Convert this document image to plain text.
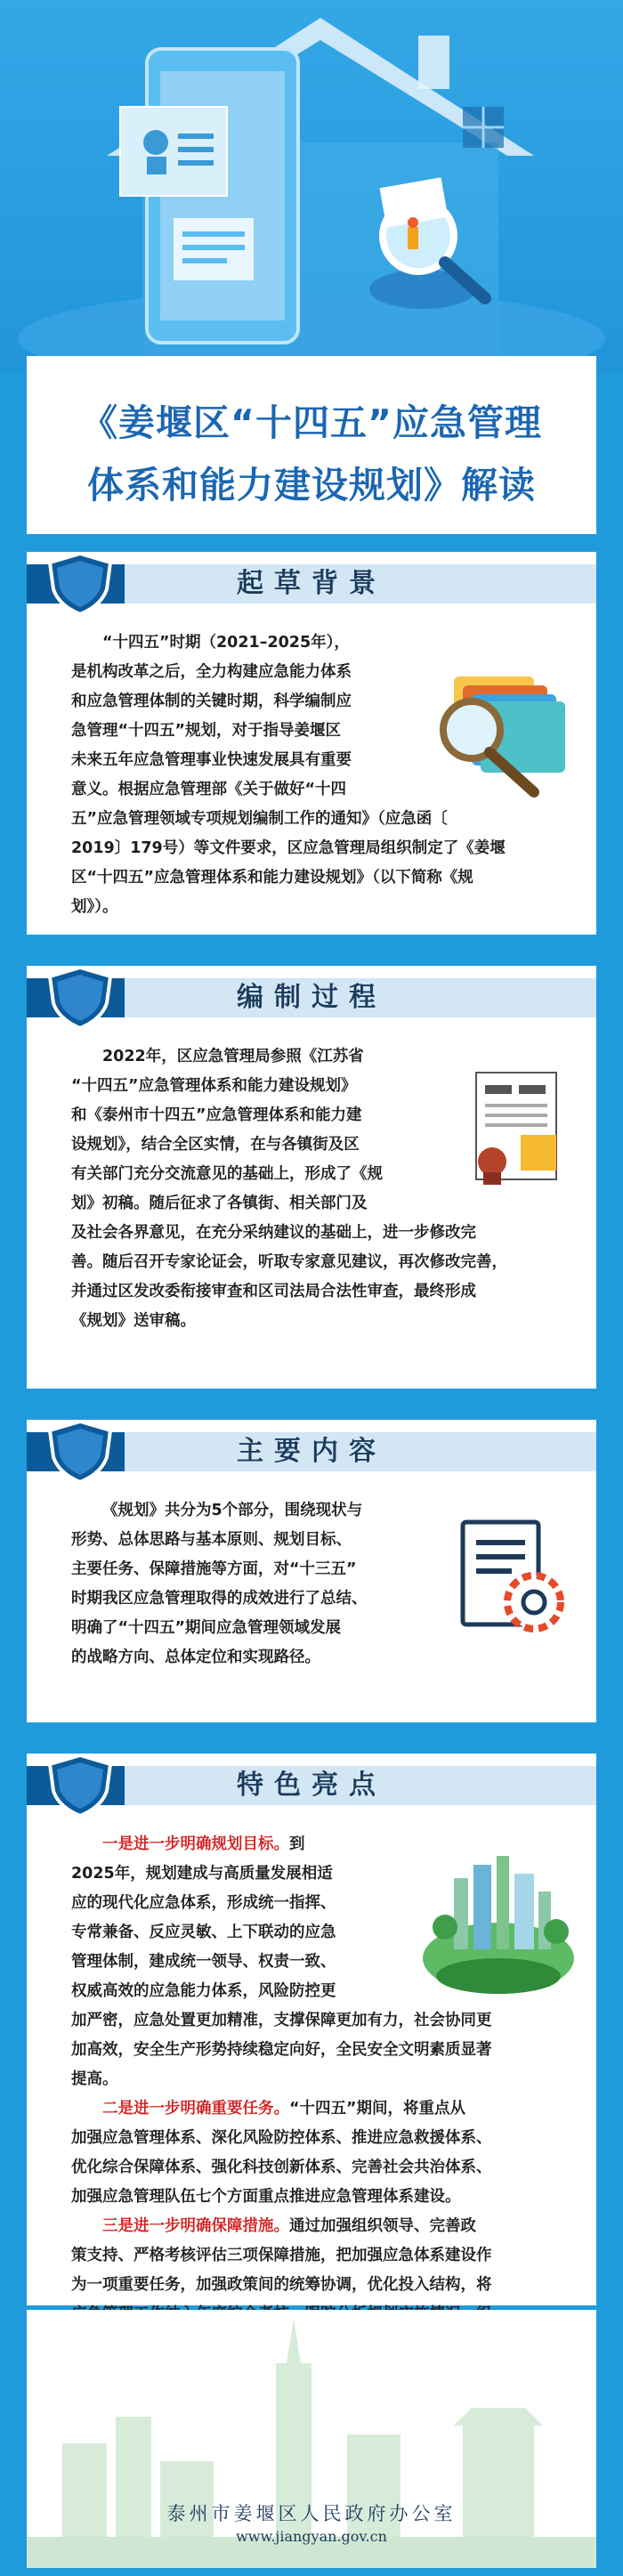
《姜堰区“十四五”应急管理
体系和能力建设规划》解读
起草背景
“十四五”时期（2021–2025年），
是机构改革之后，全力构建应急能力体系
和应急管理体制的关键时期，科学编制应
急管理“十四五”规划，对于指导姜堰区
未来五年应急管理事业快速发展具有重要
意义。根据应急管理部《关于做好“十四
五”应急管理领域专项规划编制工作的通知》（应急函〔
2019〕179号）等文件要求，区应急管理局组织制定了《姜堰
区“十四五”应急管理体系和能力建设规划》（以下简称《规
划》）。
编制过程
2022年，区应急管理局参照《江苏省
“十四五”应急管理体系和能力建设规划》
和《泰州市十四五”应急管理体系和能力建
设规划》，结合全区实情，在与各镇街及区
有关部门充分交流意见的基础上，形成了《规
划》初稿。随后征求了各镇街、相关部门及
及社会各界意见，在充分采纳建议的基础上，进一步修改完
善。随后召开专家论证会，听取专家意见建议，再次修改完善，
并通过区发改委衔接审查和区司法局合法性审查，最终形成
《规划》送审稿。
主要内容
《规划》共分为5个部分，围绕现状与
形势、总体思路与基本原则、规划目标、
主要任务、保障措施等方面，对“十三五”
时期我区应急管理取得的成效进行了总结、
明确了“十四五”期间应急管理领域发展
的战略方向、总体定位和实现路径。
特色亮点
一是进一步明确规划目标。到
2025年，规划建成与高质量发展相适
应的现代化应急体系，形成统一指挥、
专常兼备、反应灵敏、上下联动的应急
管理体制，建成统一领导、权责一致、
权威高效的应急能力体系，风险防控更
加严密，应急处置更加精准，支撑保障更加有力，社会协同更
加高效，安全生产形势持续稳定向好，全民安全文明素质显著
提高。
二是进一步明确重要任务。“十四五”期间，将重点从
加强应急管理体系、深化风险防控体系、推进应急救援体系、
优化综合保障体系、强化科技创新体系、完善社会共治体系、
加强应急管理队伍七个方面重点推进应急管理体系建设。
三是进一步明确保障措施。通过加强组织领导、完善政
策支持、严格考核评估三项保障措施，把加强应急体系建设作
为一项重要任务，加强政策间的统筹协调，优化投入结构，将
泰州市姜堰区人民政府办公室
www.jiangyan.gov.cn
